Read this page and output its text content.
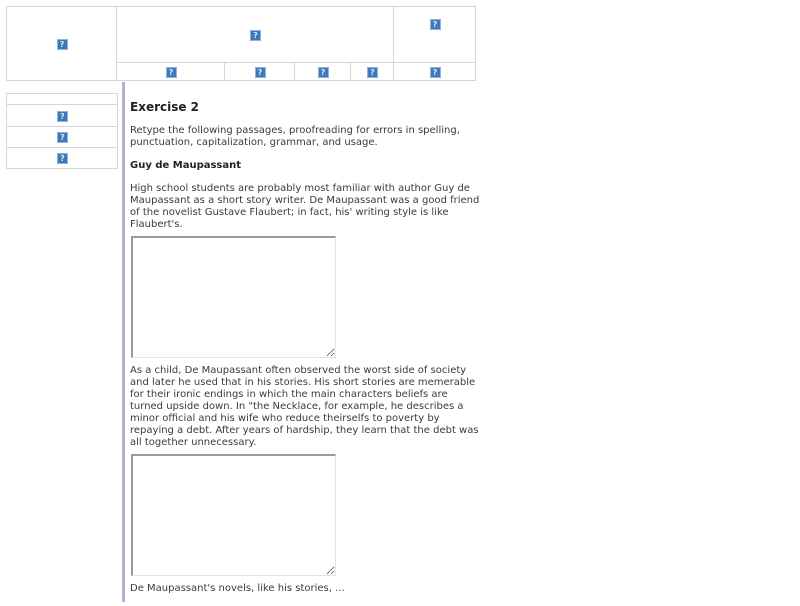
?
?
?
?	?	?	?	?
?
?
?
Exercise 2

Retype the following passages, proofreading for errors in spelling, punctuation, capitalization, grammar, and usage.

Guy de Maupassant

High school students are probably most familiar with author Guy de Maupassant as a short story writer. De Maupassant was a good friend of the novelist Gustave Flaubert; in fact, his' writing style is like Flaubert's.

As a child, De Maupassant often observed the worst side of society and later he used that in his stories. His short stories are memerable for their ironic endings in which the main characters beliefs are turned upside down. In "the Necklace, for example, he describes a minor official and his wife who reduce theirselfs to poverty by repaying a debt. After years of hardship, they learn that the debt was all together unnecessary.

De Maupassant's novels, like his stories, ...
